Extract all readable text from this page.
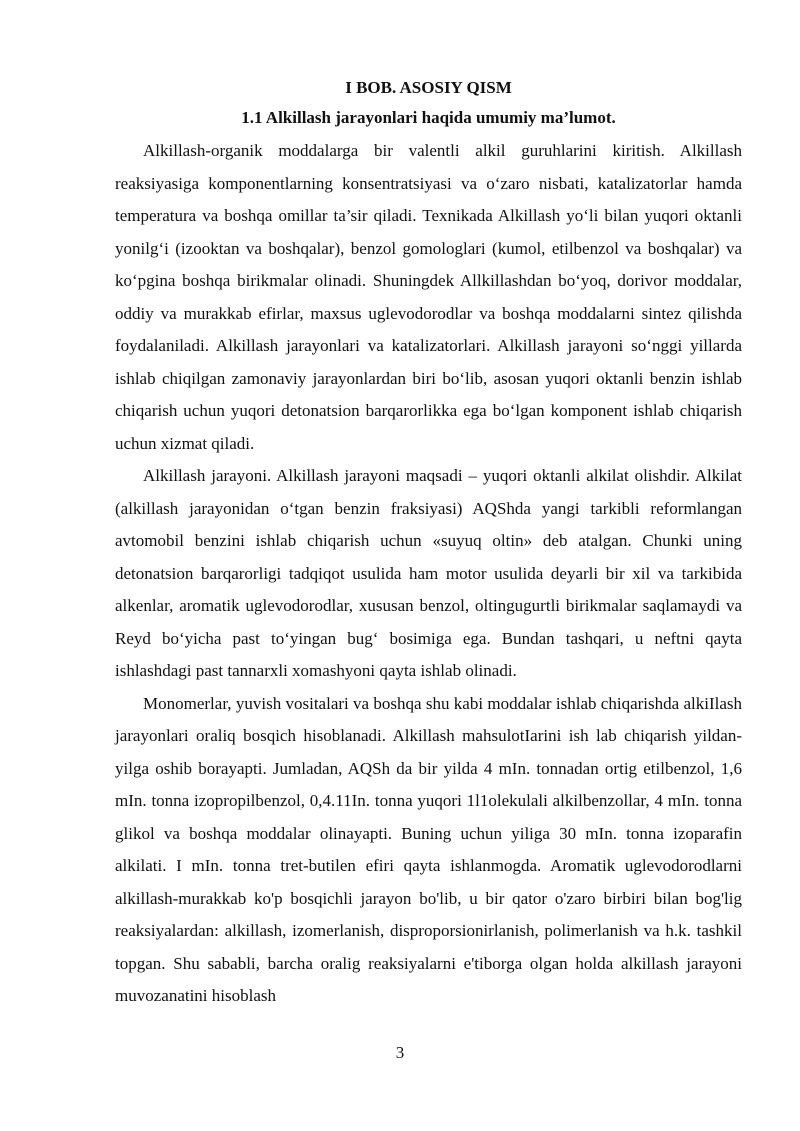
I BOB. ASOSIY QISM

1.1 Alkillash jarayonlari haqida umumiy ma’lumot.

Alkillash-organik moddalarga bir valentli alkil guruhlarini kiritish. Alkillash reaksiyasiga komponentlarning konsentratsiyasi va o‘zaro nisbati, katalizatorlar hamda temperatura va boshqa omillar ta’sir qiladi. Texnikada Alkillash yo‘li bilan yuqori oktanli yonilg‘i (izooktan va boshqalar), benzol gomologlari (kumol, etilbenzol va boshqalar) va ko‘pgina boshqa birikmalar olinadi. Shuningdek Allkillashdan bo‘yoq, dorivor moddalar, oddiy va murakkab efirlar, maxsus uglevodorodlar va boshqa moddalarni sintez qilishda foydalaniladi. Alkillash jarayonlari va katalizatorlari. Alkillash jarayoni so‘nggi yillarda ishlab chiqilgan zamonaviy jarayonlardan biri bo‘lib, asosan yuqori oktanli benzin ishlab chiqarish uchun yuqori detonatsion barqarorlikka ega bo‘lgan komponent ishlab chiqarish uchun xizmat qiladi.

Alkillash jarayoni. Alkillash jarayoni maqsadi – yuqori oktanli alkilat olishdir. Alkilat (alkillash jarayonidan o‘tgan benzin fraksiyasi) AQShda yangi tarkibli reformlangan avtomobil benzini ishlab chiqarish uchun «suyuq oltin» deb atalgan. Chunki uning detonatsion barqarorligi tadqiqot usulida ham motor usulida deyarli bir xil va tarkibida alkenlar, aromatik uglevodorodlar, xususan benzol, oltingugurtli birikmalar saqlamaydi va Reyd bo‘yicha past to‘yingan bug‘ bosimiga ega. Bundan tashqari, u neftni qayta ishlashdagi past tannarxli xomashyoni qayta ishlab olinadi.

Monomerlar, yuvish vositalari va boshqa shu kabi moddalar ishlab chiqarishda alkiIlash jarayonlari oraliq bosqich hisoblanadi. Alkillash mahsulotIarini ish lab chiqarish yildan-yilga oshib borayapti. Jumladan, AQSh da bir yilda 4 mIn. tonnadan ortig etilbenzol, 1,6 mIn. tonna izopropilbenzol, 0,4.11In. tonna yuqori 1l1olekulali alkilbenzollar, 4 mIn. tonna glikol va boshqa moddalar olinayapti. Buning uchun yiliga 30 mIn. tonna izoparafin alkilati. I mIn. tonna tret-butilen efiri qayta ishlanmogda. Aromatik uglevodorodlarni alkillash-murakkab ko'p bosqichli jarayon bo'lib, u bir qator o'zaro birbiri bilan bog'lig reaksiyalardan: alkillash, izomerlanish, disproporsionirlanish, polimerlanish va h.k. tashkil topgan. Shu sababli, barcha oralig reaksiyalarni e'tiborga olgan holda alkillash jarayoni muvozanatini hisoblash

3
